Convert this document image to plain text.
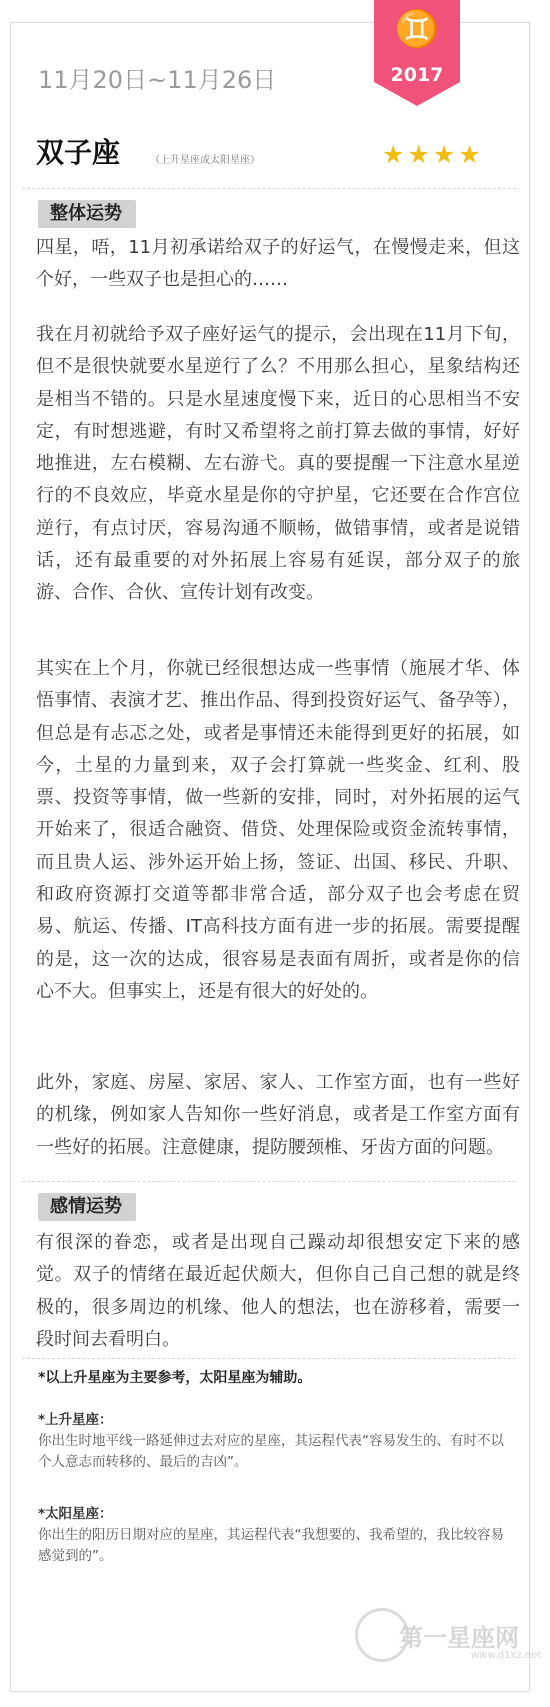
♊
2017
11月20日~11月26日
双子座	（上升星座或太阳星座）	★★★★
整体运势

四星，唔，11月初承诺给双子的好运气，在慢慢走来，但这个好，一些双子也是担心的……

我在月初就给予双子座好运气的提示，会出现在11月下旬，但不是很快就要水星逆行了么？不用那么担心，星象结构还是相当不错的。只是水星速度慢下来，近日的心思相当不安定，有时想逃避，有时又希望将之前打算去做的事情，好好地推进，左右模糊、左右游弋。真的要提醒一下注意水星逆行的不良效应，毕竟水星是你的守护星，它还要在合作宫位逆行，有点讨厌，容易沟通不顺畅，做错事情，或者是说错话，还有最重要的对外拓展上容易有延误，部分双子的旅游、合作、合伙、宣传计划有改变。

其实在上个月，你就已经很想达成一些事情（施展才华、体悟事情、表演才艺、推出作品、得到投资好运气、备孕等），但总是有忐忑之处，或者是事情还未能得到更好的拓展，如今，土星的力量到来，双子会打算就一些奖金、红利、股票、投资等事情，做一些新的安排，同时，对外拓展的运气开始来了，很适合融资、借贷、处理保险或资金流转事情，而且贵人运、涉外运开始上扬，签证、出国、移民、升职、和政府资源打交道等都非常合适，部分双子也会考虑在贸易、航运、传播、IT高科技方面有进一步的拓展。需要提醒的是，这一次的达成，很容易是表面有周折，或者是你的信心不大。但事实上，还是有很大的好处的。

此外，家庭、房屋、家居、家人、工作室方面，也有一些好的机缘，例如家人告知你一些好消息，或者是工作室方面有一些好的拓展。注意健康，提防腰颈椎、牙齿方面的问题。

感情运势

有很深的眷恋，或者是出现自己躁动却很想安定下来的感觉。双子的情绪在最近起伏颇大，但你自己自己想的就是终极的，很多周边的机缘、他人的想法，也在游移着，需要一段时间去看明白。

*以上升星座为主要参考，太阳星座为辅助。
*上升星座：
你出生时地平线一路延伸过去对应的星座，其运程代表“容易发生的、有时不以个人意志而转移的、最后的吉凶”。
*太阳星座：
你出生的阳历日期对应的星座，其运程代表“我想要的、我希望的，我比较容易感觉到的”。
第一星座网
www.d1xz.net
